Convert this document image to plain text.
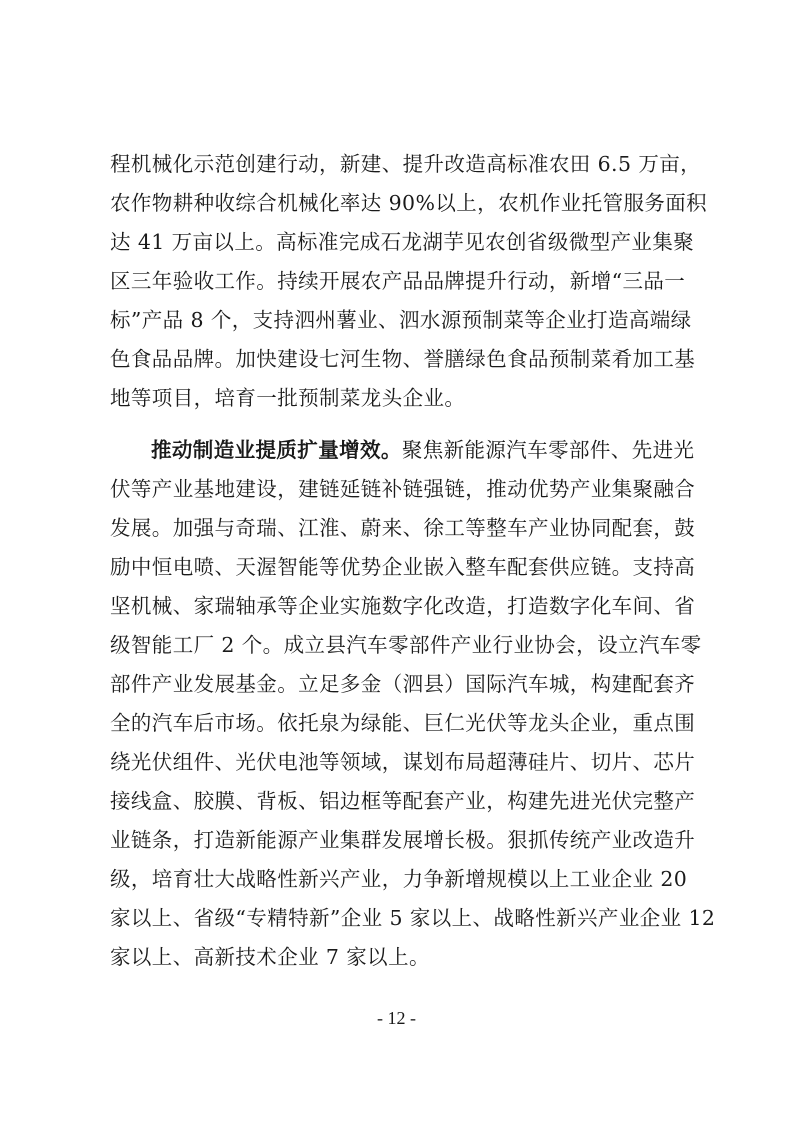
程机械化示范创建行动，新建、提升改造高标准农田 6.5 万亩，
农作物耕种收综合机械化率达 90%以上，农机作业托管服务面积
达 41 万亩以上。高标准完成石龙湖芋见农创省级微型产业集聚
区三年验收工作。持续开展农产品品牌提升行动，新增“三品一
标”产品 8 个，支持泗州薯业、泗水源预制菜等企业打造高端绿
色食品品牌。加快建设七河生物、誉膳绿色食品预制菜肴加工基
地等项目，培育一批预制菜龙头企业。
推动制造业提质扩量增效。聚焦新能源汽车零部件、先进光
伏等产业基地建设，建链延链补链强链，推动优势产业集聚融合
发展。加强与奇瑞、江淮、蔚来、徐工等整车产业协同配套，鼓
励中恒电喷、天渥智能等优势企业嵌入整车配套供应链。支持高
坚机械、家瑞轴承等企业实施数字化改造，打造数字化车间、省
级智能工厂 2 个。成立县汽车零部件产业行业协会，设立汽车零
部件产业发展基金。立足多金（泗县）国际汽车城，构建配套齐
全的汽车后市场。依托泉为绿能、巨仁光伏等龙头企业，重点围
绕光伏组件、光伏电池等领域，谋划布局超薄硅片、切片、芯片
接线盒、胶膜、背板、铝边框等配套产业，构建先进光伏完整产
业链条，打造新能源产业集群发展增长极。狠抓传统产业改造升
级，培育壮大战略性新兴产业，力争新增规模以上工业企业 20
家以上、省级“专精特新”企业 5 家以上、战略性新兴产业企业 12
家以上、高新技术企业 7 家以上。
- 12 -
